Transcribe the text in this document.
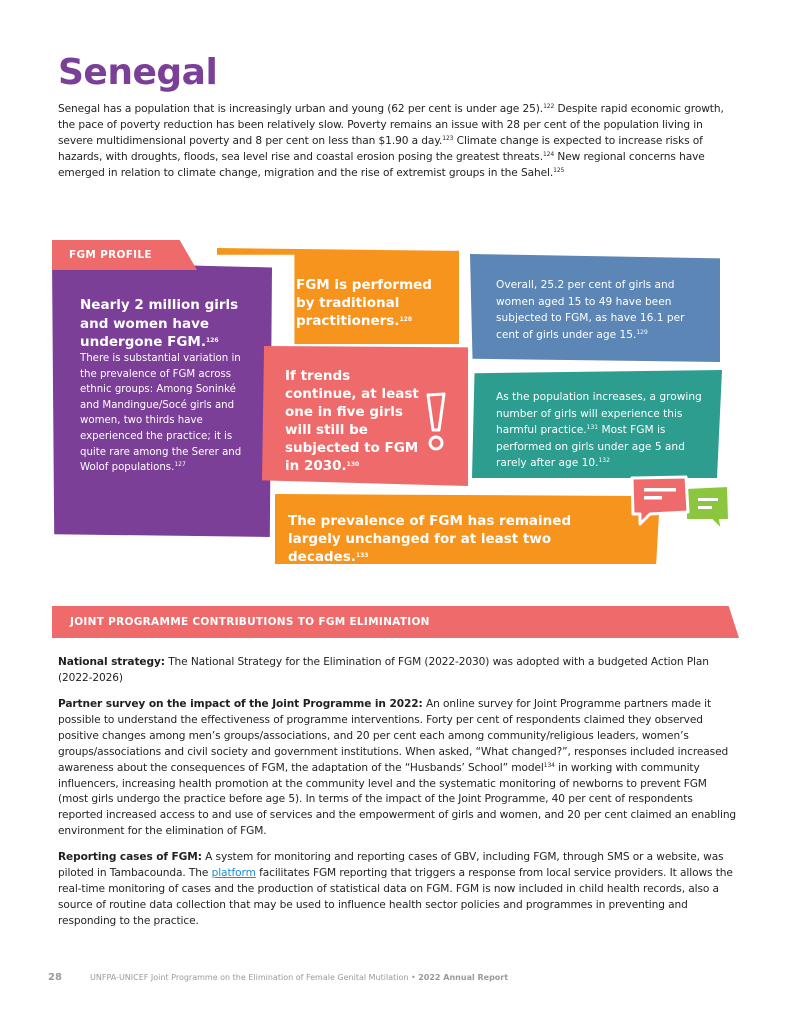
Senegal

Senegal has a population that is increasingly urban and young (62 per cent is under age 25).$^{122}$ Despite rapid economic growth, the pace of poverty reduction has been relatively slow. Poverty remains an issue with 28 per cent of the population living in severe multidimensional poverty and 8 per cent on less than $1.90 a day.$^{123}$ Climate change is expected to increase risks of hazards, with droughts, floods, sea level rise and coastal erosion posing the greatest threats.$^{124}$ New regional concerns have emerged in relation to climate change, migration and the rise of extremist groups in the Sahel.$^{125}$

FGM PROFILE
Nearly 2 million girls and women have undergone FGM.$^{126}$
There is substantial variation in the prevalence of FGM across ethnic groups: Among Soninké and Mandingue/Socé girls and women, two thirds have experienced the practice; it is quite rare among the Serer and Wolof populations.$^{127}$
FGM is performed by traditional practitioners.$^{128}$
Overall, 25.2 per cent of girls and women aged 15 to 49 have been subjected to FGM, as have 16.1 per cent of girls under age 15.$^{129}$
If trends continue, at least one in five girls will still be subjected to FGM in 2030.$^{130}$
As the population increases, a growing number of girls will experience this harmful practice.$^{131}$ Most FGM is performed on girls under age 5 and rarely after age 10.$^{132}$
The prevalence of FGM has remained largely unchanged for at least two decades.$^{133}$
JOINT PROGRAMME CONTRIBUTIONS TO FGM ELIMINATION

National strategy: The National Strategy for the Elimination of FGM (2022-2030) was adopted with a budgeted Action Plan (2022-2026)

Partner survey on the impact of the Joint Programme in 2022: An online survey for Joint Programme partners made it possible to understand the effectiveness of programme interventions. Forty per cent of respondents claimed they observed positive changes among men’s groups/associations, and 20 per cent each among community/religious leaders, women’s groups/associations and civil society and government institutions. When asked, “What changed?”, responses included increased awareness about the consequences of FGM, the adaptation of the “Husbands’ School” model$^{134}$ in working with community influencers, increasing health promotion at the community level and the systematic monitoring of newborns to prevent FGM (most girls undergo the practice before age 5). In terms of the impact of the Joint Programme, 40 per cent of respondents reported increased access to and use of services and the empowerment of girls and women, and 20 per cent claimed an enabling environment for the elimination of FGM.

Reporting cases of FGM: A system for monitoring and reporting cases of GBV, including FGM, through SMS or a website, was piloted in Tambacounda. The platform facilitates FGM reporting that triggers a response from local service providers. It allows the real-time monitoring of cases and the production of statistical data on FGM. FGM is now included in child health records, also a source of routine data collection that may be used to influence health sector policies and programmes in preventing and responding to the practice.

28	UNFPA-UNICEF Joint Programme on the Elimination of Female Genital Mutilation • 2022 Annual Report
